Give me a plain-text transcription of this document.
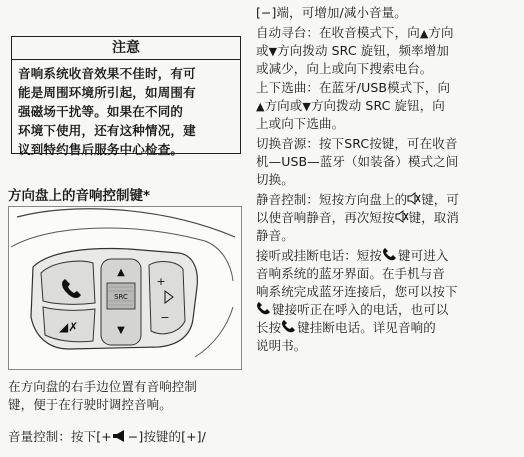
注意
音响系统收音效果不佳时，有可
能是周围环境所引起，如周围有
强磁场干扰等。如果在不同的
环境下使用，还有这种情况，建
议到特约售后服务中心检查。
方向盘上的音响控制键*
◢✗
▲
SRC
▼
+
−
在方向盘的右手边位置有音响控制
键，便于在行驶时调控音响。
音量控制：按下[+ −]按键的[+]/
[−]端，可增加/减小音量。
自动寻台：在收音模式下，向▲方向
或▼方向拨动 SRC 旋钮，频率增加
或减少，向上或向下搜索电台。
上下选曲：在蓝牙/USB模式下，向
▲方向或▼方向拨动 SRC 旋钮，向
上或向下选曲。
切换音源：按下SRC按键，可在收音
机—USB—蓝牙（如装备）模式之间
切换。
静音控制：短按方向盘上的 键，可
以使音响静音，再次短按 键，取消
静音。
接听或挂断电话：短按 键可进入
音响系统的蓝牙界面。在手机与音
响系统完成蓝牙连接后，您可以按下
键接听正在呼入的电话，也可以
长按 键挂断电话。详见音响的
说明书。
